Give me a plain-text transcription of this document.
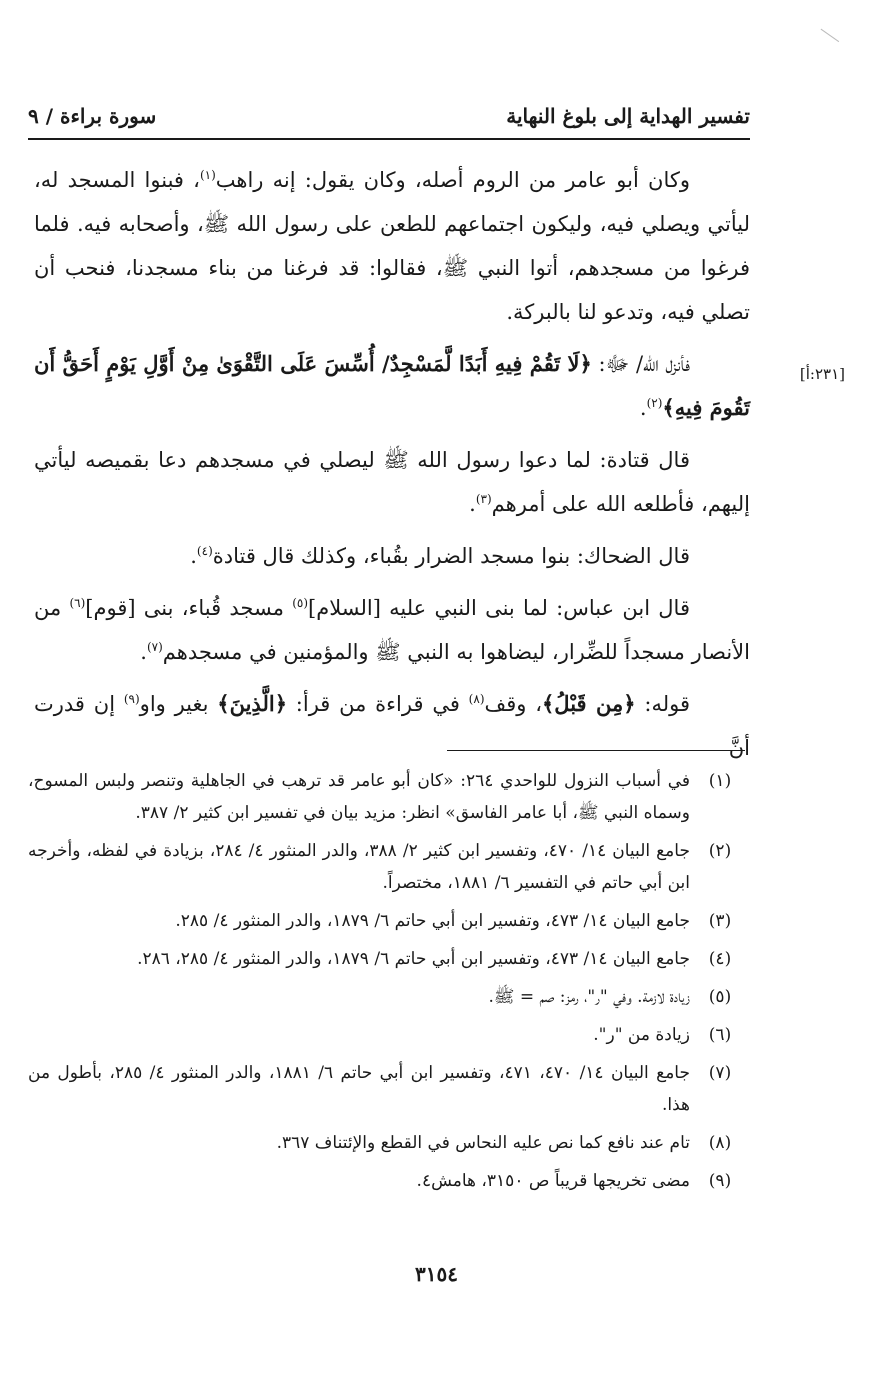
تفسير الهداية إلى بلوغ النهاية
سورة براءة / ٩

وكان أبو عامر من الروم أصله، وكان يقول: إنه راهب$^{(١)}$، فبنوا المسجد له، ليأتي ويصلي فيه، وليكون اجتماعهم للطعن على رسول الله ﷺ، وأصحابه فيه. فلما فرغوا من مسجدهم، أتوا النبي ﷺ، فقالوا: قد فرغنا من بناء مسجدنا، فنحب أن تصلي فيه، وتدعو لنا بالبركة.

فأنزل الله/ ﷻ: ﴿لَا تَقُمْ فِيهِ أَبَدًا لَّمَسْجِدٌ/ أُسِّسَ عَلَى التَّقْوَىٰ مِنْ أَوَّلِ يَوْمٍ أَحَقُّ أَن تَقُومَ فِيهِ﴾$^{(٢)}$.

قال قتادة: لما دعوا رسول الله ﷺ ليصلي في مسجدهم دعا بقميصه ليأتي إليهم، فأطلعه الله على أمرهم$^{(٣)}$.

قال الضحاك: بنوا مسجد الضرار بقُباء، وكذلك قال قتادة$^{(٤)}$.

قال ابن عباس: لما بنى النبي عليه [السلام]$^{(٥)}$ مسجد قُباء، بنى [قوم]$^{(٦)}$ من الأنصار مسجداً للضِّرار، ليضاهوا به النبي ﷺ والمؤمنين في مسجدهم$^{(٧)}$.

قوله: ﴿مِن قَبْلُ﴾، وقف$^{(٨)}$ في قراءة من قرأ: ﴿الَّذِينَ﴾ بغير واو$^{(٩)}$ إن قدرت أنَّ

[٢٣١:أ]
(١)
في أسباب النزول للواحدي ٢٦٤: «كان أبو عامر قد ترهب في الجاهلية وتنصر ولبس المسوح، وسماه النبي ﷺ، أبا عامر الفاسق» انظر: مزيد بيان في تفسير ابن كثير ٢/ ٣٨٧.
(٢)
جامع البيان ١٤/ ٤٧٠، وتفسير ابن كثير ٢/ ٣٨٨، والدر المنثور ٤/ ٢٨٤، بزيادة في لفظه، وأخرجه ابن أبي حاتم في التفسير ٦/ ١٨٨١، مختصراً.
(٣)
جامع البيان ١٤/ ٤٧٣، وتفسير ابن أبي حاتم ٦/ ١٨٧٩، والدر المنثور ٤/ ٢٨٥.
(٤)
جامع البيان ١٤/ ٤٧٣، وتفسير ابن أبي حاتم ٦/ ١٨٧٩، والدر المنثور ٤/ ٢٨٥، ٢٨٦.
(٥)
زيادة لازمة. وفي "ر"، رمز: صم = ﷺ.
(٦)
زيادة من "ر".
(٧)
جامع البيان ١٤/ ٤٧٠، ٤٧١، وتفسير ابن أبي حاتم ٦/ ١٨٨١، والدر المنثور ٤/ ٢٨٥، بأطول من هذا.
(٨)
تام عند نافع كما نص عليه النحاس في القطع والإئتناف ٣٦٧.
(٩)
مضى تخريجها قريباً ص ٣١٥٠، هامش٤.
٣١٥٤
